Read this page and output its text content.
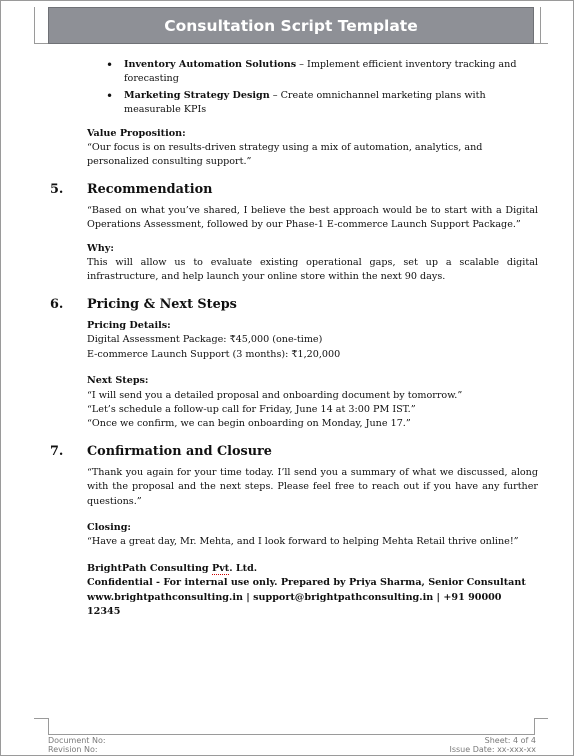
Consultation Script Template
• Inventory Automation Solutions – Implement efficient inventory tracking and forecasting
• Marketing Strategy Design – Create omnichannel marketing plans with measurable KPIs
Value Proposition:
“Our focus is on results-driven strategy using a mix of automation, analytics, and personalized consulting support.”
5. Recommendation
“Based on what you’ve shared, I believe the best approach would be to start with a Digital Operations Assessment, followed by our Phase-1 E-commerce Launch Support Package.”
Why:
This will allow us to evaluate existing operational gaps, set up a scalable digital infrastructure, and help launch your online store within the next 90 days.
6. Pricing & Next Steps
Pricing Details:
Digital Assessment Package: ₹45,000 (one-time)
E-commerce Launch Support (3 months): ₹1,20,000
Next Steps:
“I will send you a detailed proposal and onboarding document by tomorrow.”
“Let’s schedule a follow-up call for Friday, June 14 at 3:00 PM IST.”
“Once we confirm, we can begin onboarding on Monday, June 17.”
7. Confirmation and Closure
“Thank you again for your time today. I’ll send you a summary of what we discussed, along with the proposal and the next steps. Please feel free to reach out if you have any further questions.”
Closing:
“Have a great day, Mr. Mehta, and I look forward to helping Mehta Retail thrive online!”
BrightPath Consulting Pvt. Ltd.
Confidential - For internal use only. Prepared by Priya Sharma, Senior Consultant
www.brightpathconsulting.in | support@brightpathconsulting.in | +91 90000 12345
Document No:
Revision No:
Sheet: 4 of 4
Issue Date: xx-xxx-xx
